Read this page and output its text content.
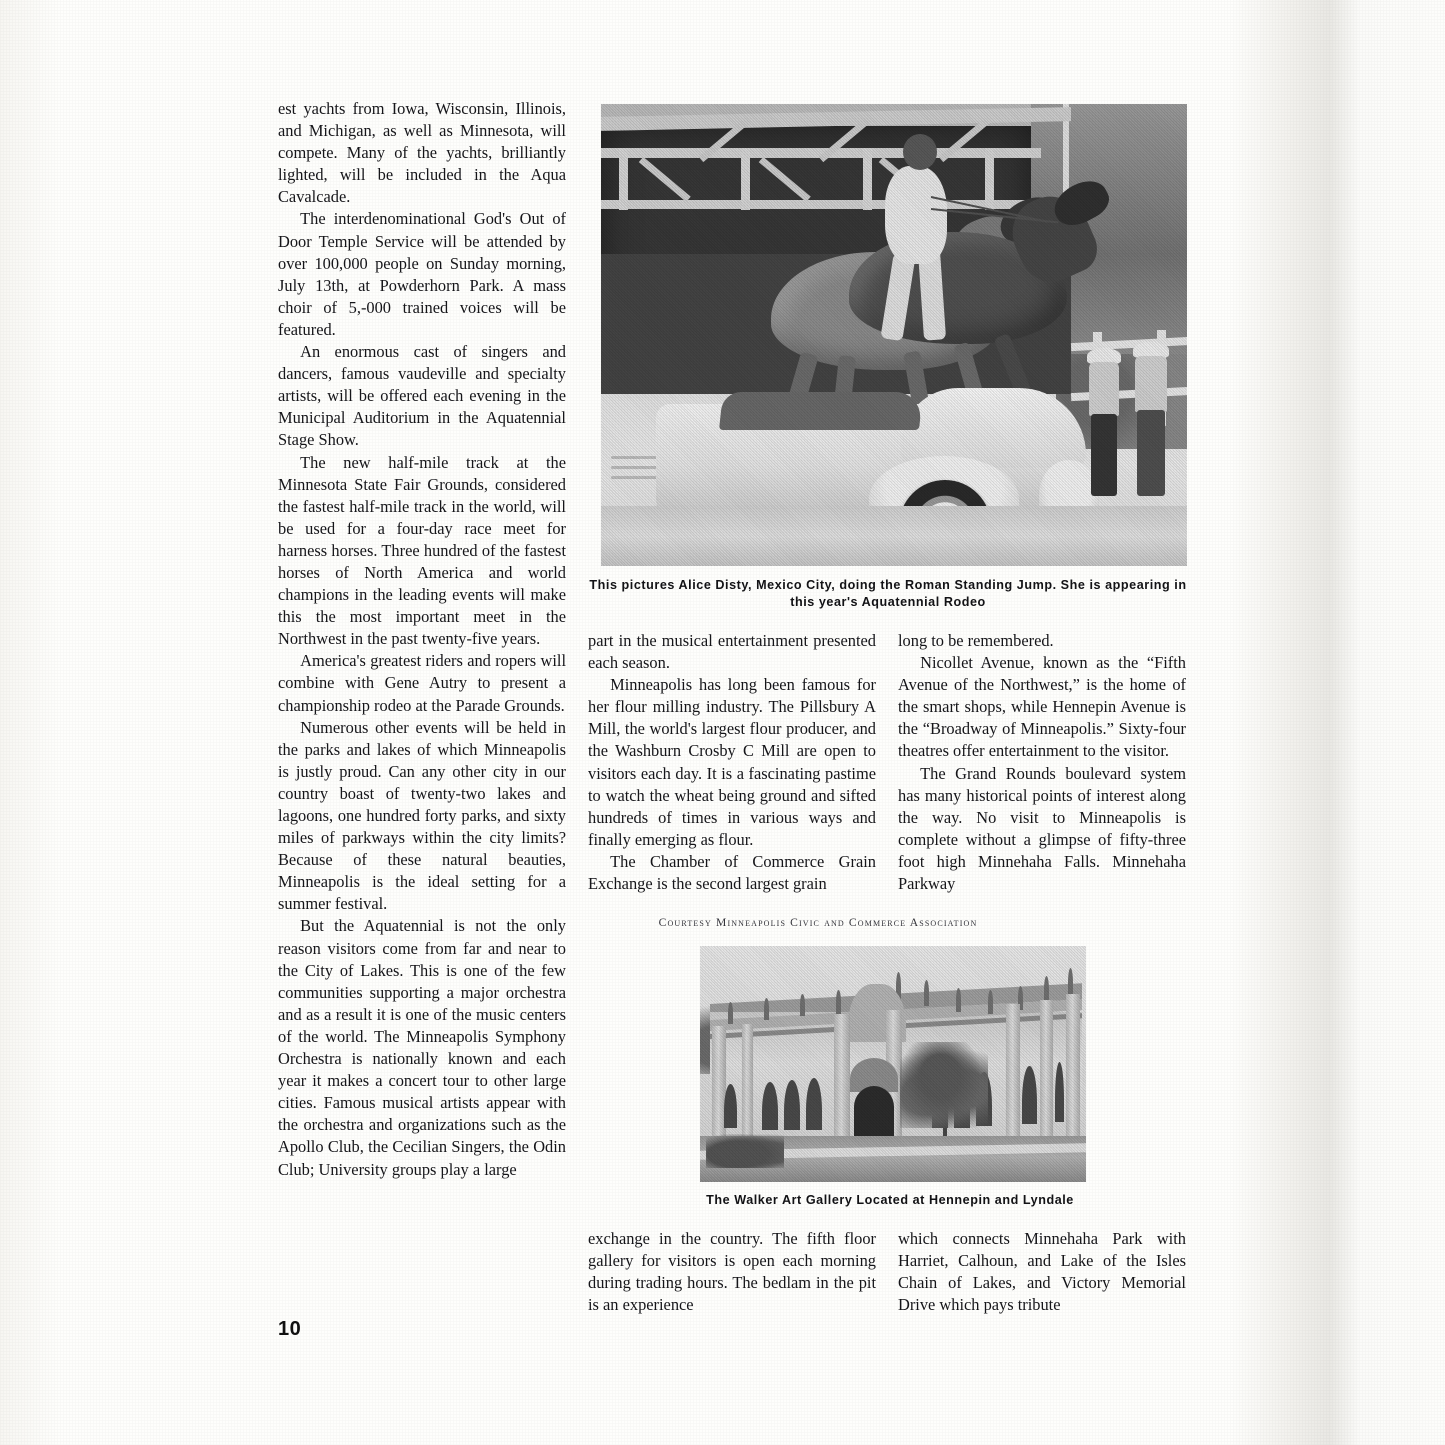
est yachts from Iowa, Wisconsin, Illinois, and Michigan, as well as Minnesota, will compete. Many of the yachts, brilliantly lighted, will be included in the Aqua Cavalcade.

The interdenominational God's Out of Door Temple Service will be attended by over 100,000 people on Sunday morning, July 13th, at Powderhorn Park. A mass choir of 5,-000 trained voices will be featured.

An enormous cast of singers and dancers, famous vaudeville and specialty artists, will be offered each evening in the Municipal Auditorium in the Aquatennial Stage Show.

The new half-mile track at the Minnesota State Fair Grounds, considered the fastest half-mile track in the world, will be used for a four-day race meet for harness horses. Three hundred of the fastest horses of North America and world champions in the leading events will make this the most important meet in the Northwest in the past twenty-five years.

America's greatest riders and ropers will combine with Gene Autry to present a championship rodeo at the Parade Grounds.

Numerous other events will be held in the parks and lakes of which Minneapolis is justly proud. Can any other city in our country boast of twenty-two lakes and lagoons, one hundred forty parks, and sixty miles of parkways within the city limits? Because of these natural beauties, Minneapolis is the ideal setting for a summer festival.

But the Aquatennial is not the only reason visitors come from far and near to the City of Lakes. This is one of the few communities supporting a major orchestra and as a result it is one of the music centers of the world. The Minneapolis Symphony Orchestra is nationally known and each year it makes a concert tour to other large cities. Famous musical artists appear with the orchestra and organizations such as the Apollo Club, the Cecilian Singers, the Odin Club; University groups play a large

10
This pictures Alice Disty, Mexico City, doing the Roman Standing Jump. She is appearing in this year's Aquatennial Rodeo

part in the musical entertainment presented each season.

Minneapolis has long been famous for her flour milling industry. The Pillsbury A Mill, the world's largest flour producer, and the Washburn Crosby C Mill are open to visitors each day. It is a fascinating pastime to watch the wheat being ground and sifted hundreds of times in various ways and finally emerging as flour.

The Chamber of Commerce Grain Exchange is the second largest grain

long to be remembered.

Nicollet Avenue, known as the “Fifth Avenue of the Northwest,” is the home of the smart shops, while Hennepin Avenue is the “Broadway of Minneapolis.” Sixty-four theatres offer entertainment to the visitor.

The Grand Rounds boulevard system has many historical points of interest along the way. No visit to Minneapolis is complete without a glimpse of fifty-three foot high Minnehaha Falls. Minnehaha Parkway

Courtesy Minneapolis Civic and Commerce Association
The Walker Art Gallery Located at Hennepin and Lyndale

exchange in the country. The fifth floor gallery for visitors is open each morning during trading hours. The bedlam in the pit is an experience

which connects Minnehaha Park with Harriet, Calhoun, and Lake of the Isles Chain of Lakes, and Victory Memorial Drive which pays tribute
